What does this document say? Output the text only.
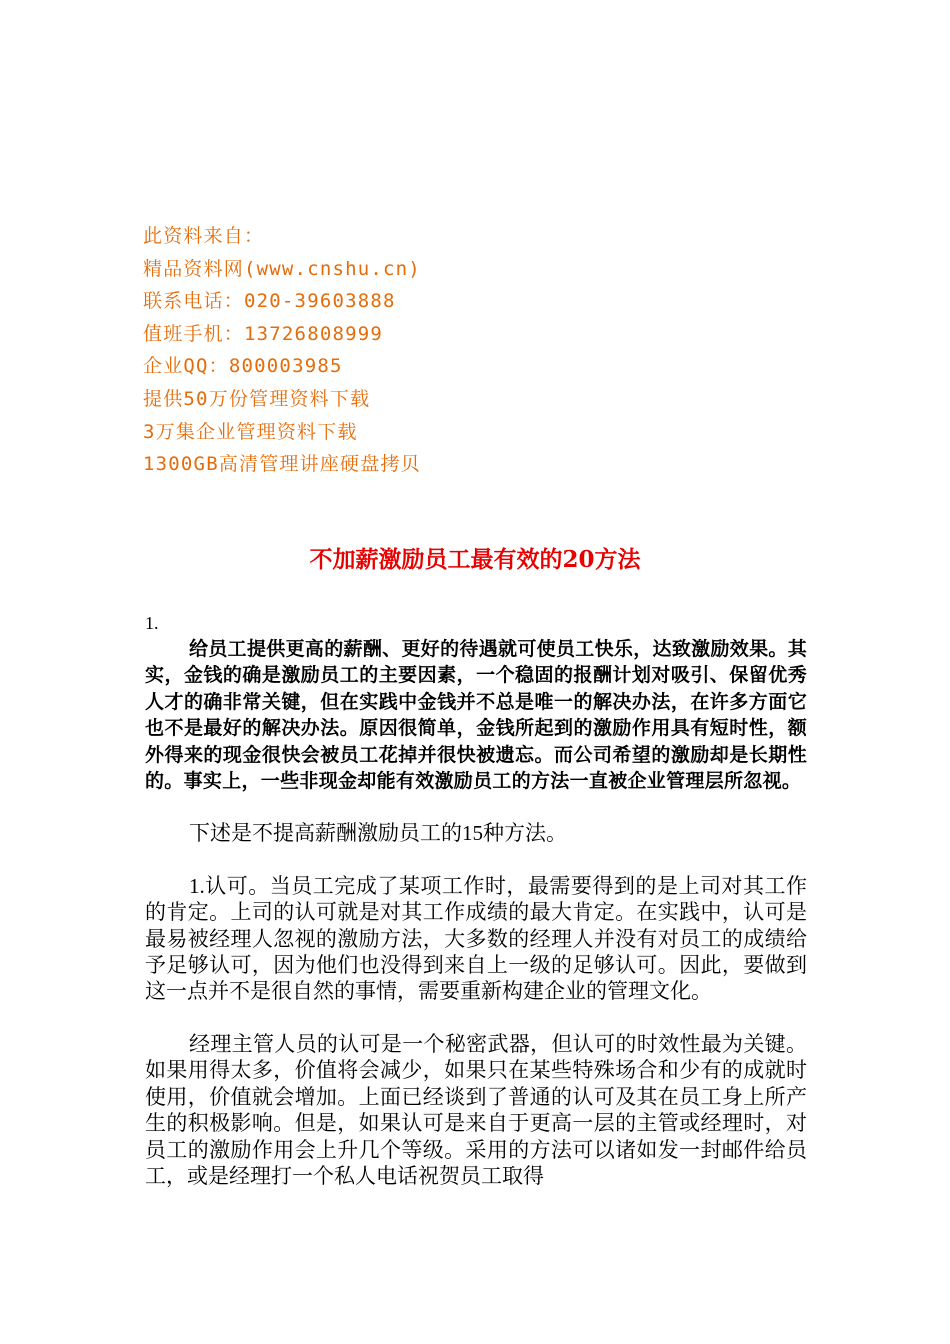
此资料来自：
精品资料网(www.cnshu.cn)
联系电话：020-39603888
值班手机：13726808999
企业QQ：800003985
提供50万份管理资料下载
3万集企业管理资料下载
1300GB高清管理讲座硬盘拷贝
不加薪激励员工最有效的20方法

1.

给员工提供更高的薪酬、更好的待遇就可使员工快乐，达致激励效果。其实，金钱的确是激励员工的主要因素，一个稳固的报酬计划对吸引、保留优秀人才的确非常关键，但在实践中金钱并不总是唯一的解决办法，在许多方面它也不是最好的解决办法。原因很简单，金钱所起到的激励作用具有短时性，额外得来的现金很快会被员工花掉并很快被遗忘。而公司希望的激励却是长期性的。事实上，一些非现金却能有效激励员工的方法一直被企业管理层所忽视。

下述是不提高薪酬激励员工的15种方法。

1.认可。当员工完成了某项工作时，最需要得到的是上司对其工作的肯定。上司的认可就是对其工作成绩的最大肯定。在实践中，认可是最易被经理人忽视的激励方法，大多数的经理人并没有对员工的成绩给予足够认可，因为他们也没得到来自上一级的足够认可。因此，要做到这一点并不是很自然的事情，需要重新构建企业的管理文化。

经理主管人员的认可是一个秘密武器，但认可的时效性最为关键。如果用得太多，价值将会减少，如果只在某些特殊场合和少有的成就时使用，价值就会增加。上面已经谈到了普通的认可及其在员工身上所产生的积极影响。但是，如果认可是来自于更高一层的主管或经理时，对员工的激励作用会上升几个等级。采用的方法可以诸如发一封邮件给员工，或是经理打一个私人电话祝贺员工取得
